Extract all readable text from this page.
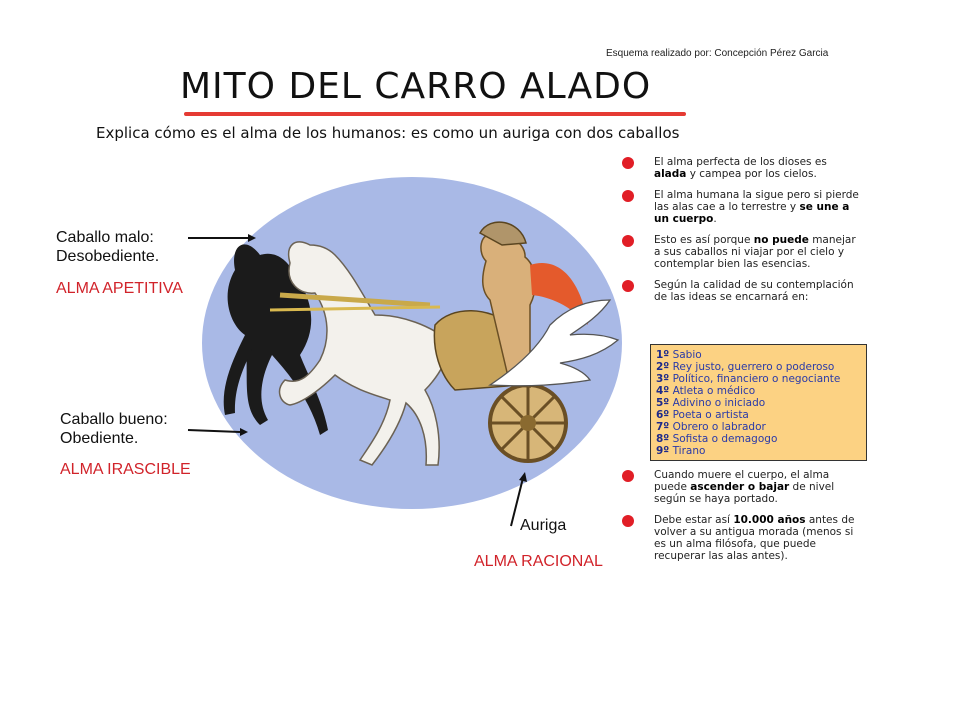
Esquema realizado por: Concepción Pérez Garcia
MITO DEL CARRO ALADO
Explica cómo es el alma de los humanos: es como un auriga con dos caballos
Caballo malo:
Desobediente.
ALMA APETITIVA
Caballo bueno:
Obediente.
ALMA IRASCIBLE
Auriga
ALMA RACIONAL
El alma perfecta de los dioses es alada y campea por los cielos.
El alma humana la sigue pero si pierde las alas cae a lo terrestre y se une a un cuerpo.
Esto es así porque no puede manejar a sus caballos ni viajar por el cielo y contemplar bien las esencias.
Según la calidad de su contemplación de las ideas se encarnará en:
1º Sabio
2º Rey justo, guerrero o poderoso
3º Político, financiero o negociante
4º Atleta o médico
5º Adivino o iniciado
6º Poeta o artista
7º Obrero o labrador
8º Sofista o demagogo
9º Tirano
Cuando muere el cuerpo, el alma puede ascender o bajar de nivel según se haya portado.
Debe estar así 10.000 años antes de volver a su antigua morada (menos si es un alma filósofa, que puede recuperar las alas antes).
